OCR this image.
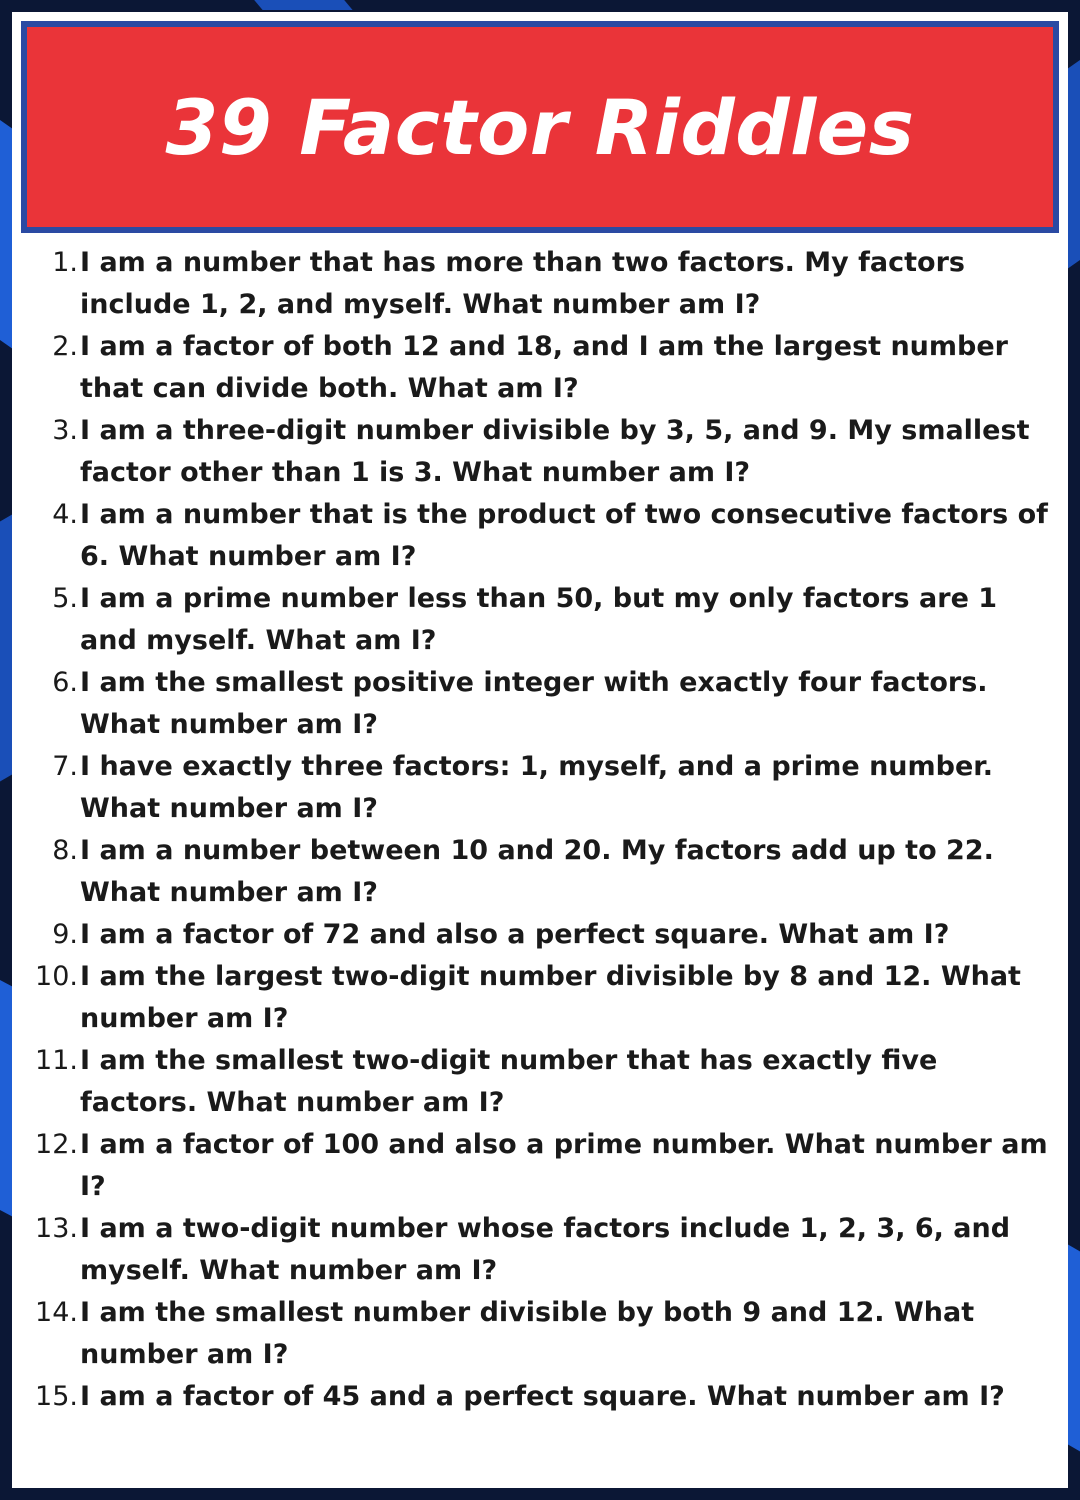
39 Factor Riddles
1. I am a number that has more than two factors. My factors include 1, 2, and myself. What number am I?
2. I am a factor of both 12 and 18, and I am the largest number that can divide both. What am I?
3. I am a three-digit number divisible by 3, 5, and 9. My smallest factor other than 1 is 3. What number am I?
4. I am a number that is the product of two consecutive factors of 6. What number am I?
5. I am a prime number less than 50, but my only factors are 1 and myself. What am I?
6. I am the smallest positive integer with exactly four factors. What number am I?
7. I have exactly three factors: 1, myself, and a prime number. What number am I?
8. I am a number between 10 and 20. My factors add up to 22. What number am I?
9. I am a factor of 72 and also a perfect square. What am I?
10. I am the largest two-digit number divisible by 8 and 12. What number am I?
11. I am the smallest two-digit number that has exactly five factors. What number am I?
12. I am a factor of 100 and also a prime number. What number am I?
13. I am a two-digit number whose factors include 1, 2, 3, 6, and myself. What number am I?
14. I am the smallest number divisible by both 9 and 12. What number am I?
15. I am a factor of 45 and a perfect square. What number am I?
